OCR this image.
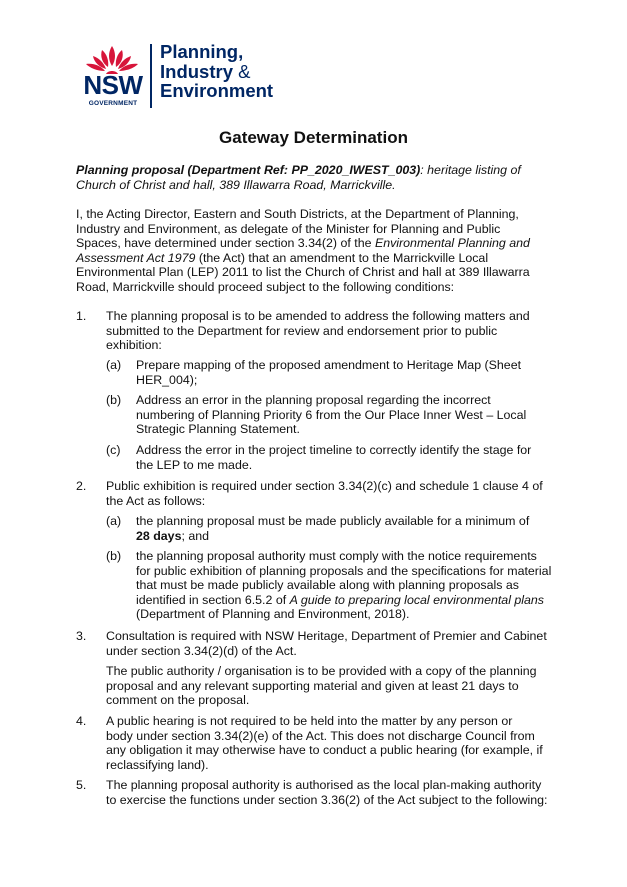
NSW
GOVERNMENT
Planning,
Industry &
Environment
Gateway Determination
Planning proposal (Department Ref: PP_2020_IWEST_003): heritage listing of
Church of Christ and hall, 389 Illawarra Road, Marrickville.
I, the Acting Director, Eastern and South Districts, at the Department of Planning,
Industry and Environment, as delegate of the Minister for Planning and Public
Spaces, have determined under section 3.34(2) of the Environmental Planning and
Assessment Act 1979 (the Act) that an amendment to the Marrickville Local
Environmental Plan (LEP) 2011 to list the Church of Christ and hall at 389 Illawarra
Road, Marrickville should proceed subject to the following conditions:
1. The planning proposal is to be amended to address the following matters and
submitted to the Department for review and endorsement prior to public
exhibition:
(a) Prepare mapping of the proposed amendment to Heritage Map (Sheet
HER_004);
(b) Address an error in the planning proposal regarding the incorrect
numbering of Planning Priority 6 from the Our Place Inner West – Local
Strategic Planning Statement.
(c) Address the error in the project timeline to correctly identify the stage for
the LEP to me made.
2. Public exhibition is required under section 3.34(2)(c) and schedule 1 clause 4 of
the Act as follows:
(a) the planning proposal must be made publicly available for a minimum of
28 days; and
(b) the planning proposal authority must comply with the notice requirements
for public exhibition of planning proposals and the specifications for material
that must be made publicly available along with planning proposals as
identified in section 6.5.2 of A guide to preparing local environmental plans
(Department of Planning and Environment, 2018).
3. Consultation is required with NSW Heritage, Department of Premier and Cabinet
under section 3.34(2)(d) of the Act.
The public authority / organisation is to be provided with a copy of the planning
proposal and any relevant supporting material and given at least 21 days to
comment on the proposal.
4. A public hearing is not required to be held into the matter by any person or
body under section 3.34(2)(e) of the Act. This does not discharge Council from
any obligation it may otherwise have to conduct a public hearing (for example, if
reclassifying land).
5. The planning proposal authority is authorised as the local plan-making authority
to exercise the functions under section 3.36(2) of the Act subject to the following:
